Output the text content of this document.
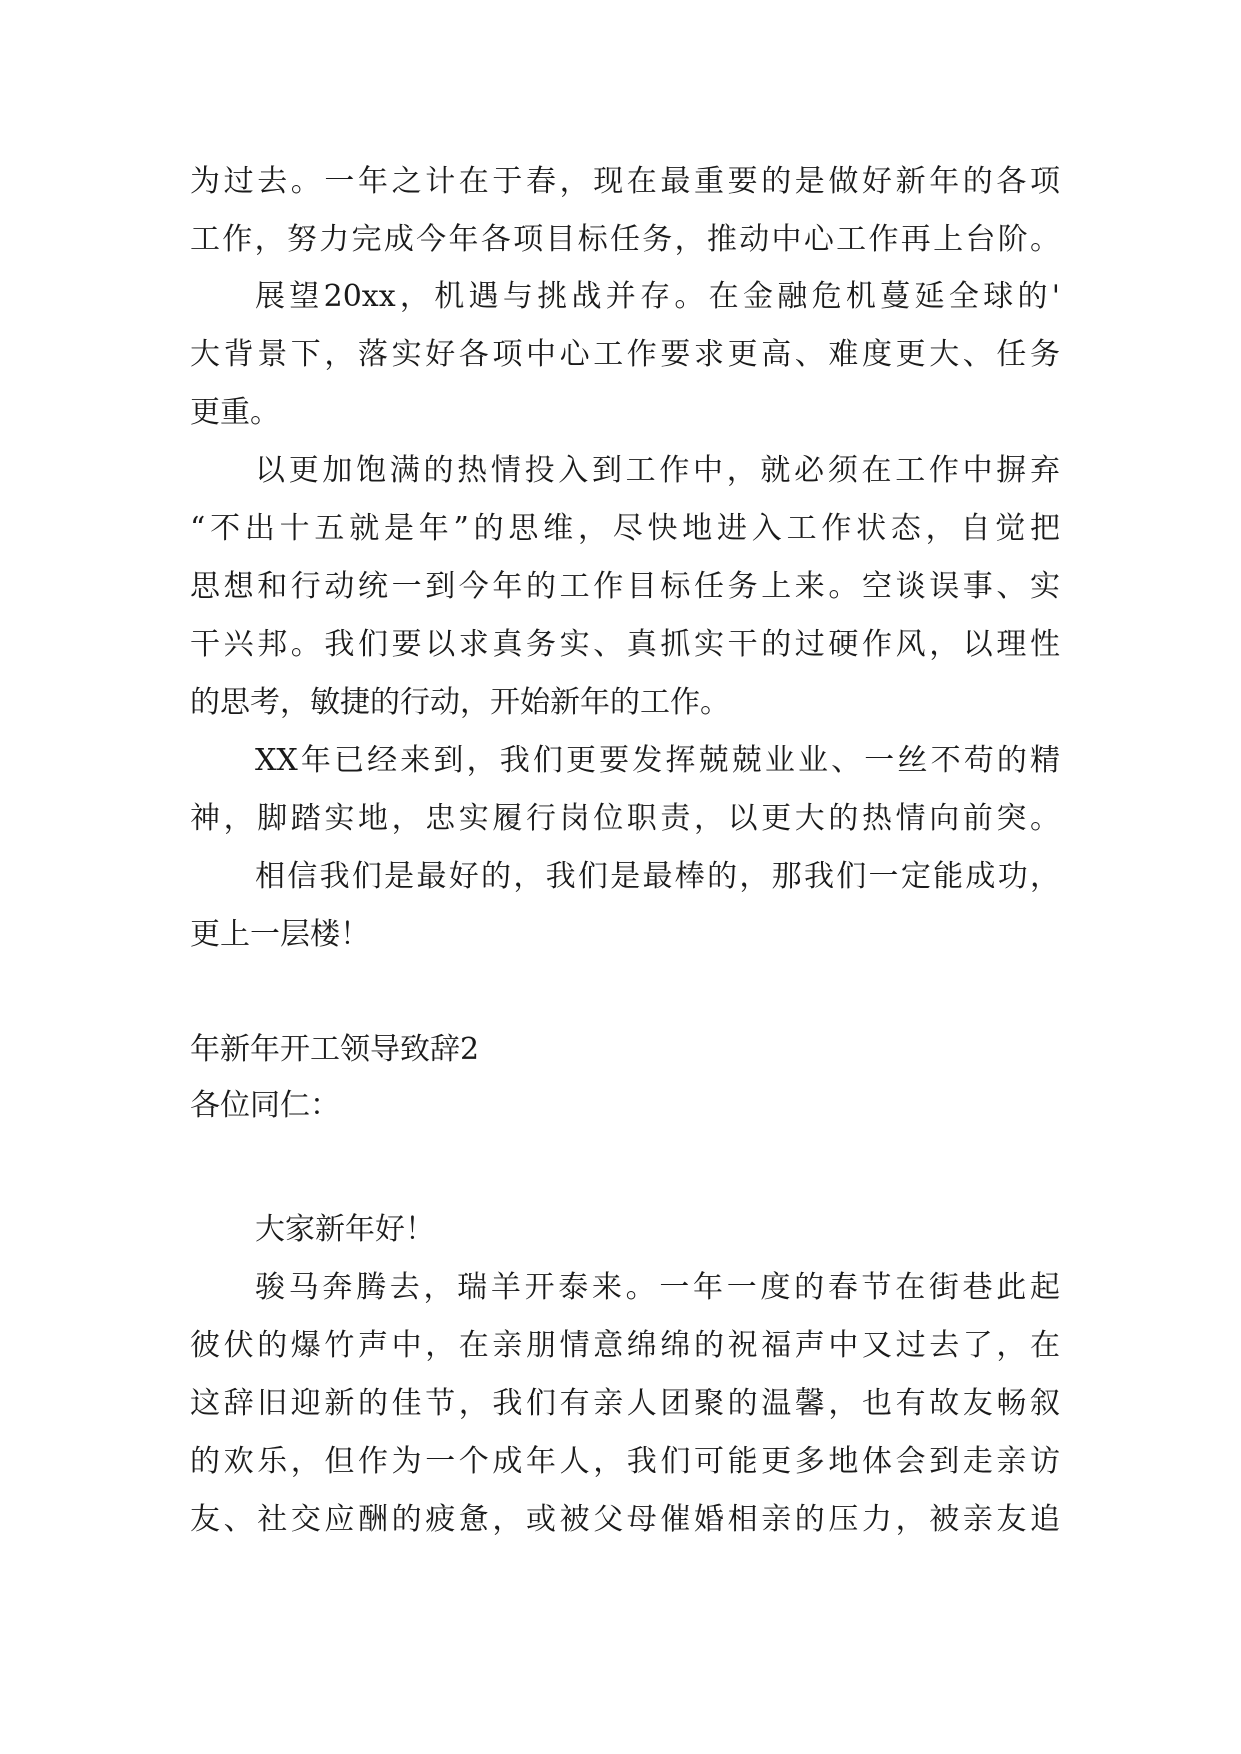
为过去。一年之计在于春，现在最重要的是做好新年的各项
工作，努力完成今年各项目标任务，推动中心工作再上台阶。
展望20xx，机遇与挑战并存。在金融危机蔓延全球的'
大背景下，落实好各项中心工作要求更高、难度更大、任务
更重。
以更加饱满的热情投入到工作中，就必须在工作中摒弃
“不出十五就是年”的思维，尽快地进入工作状态，自觉把
思想和行动统一到今年的工作目标任务上来。空谈误事、实
干兴邦。我们要以求真务实、真抓实干的过硬作风，以理性
的思考，敏捷的行动，开始新年的工作。
XX年已经来到，我们更要发挥兢兢业业、一丝不苟的精
神，脚踏实地，忠实履行岗位职责，以更大的热情向前突。
相信我们是最好的，我们是最棒的，那我们一定能成功，
更上一层楼！
年新年开工领导致辞2
各位同仁：
大家新年好！
骏马奔腾去，瑞羊开泰来。一年一度的春节在街巷此起
彼伏的爆竹声中，在亲朋情意绵绵的祝福声中又过去了，在
这辞旧迎新的佳节，我们有亲人团聚的温馨，也有故友畅叙
的欢乐，但作为一个成年人，我们可能更多地体会到走亲访
友、社交应酬的疲惫，或被父母催婚相亲的压力，被亲友追
